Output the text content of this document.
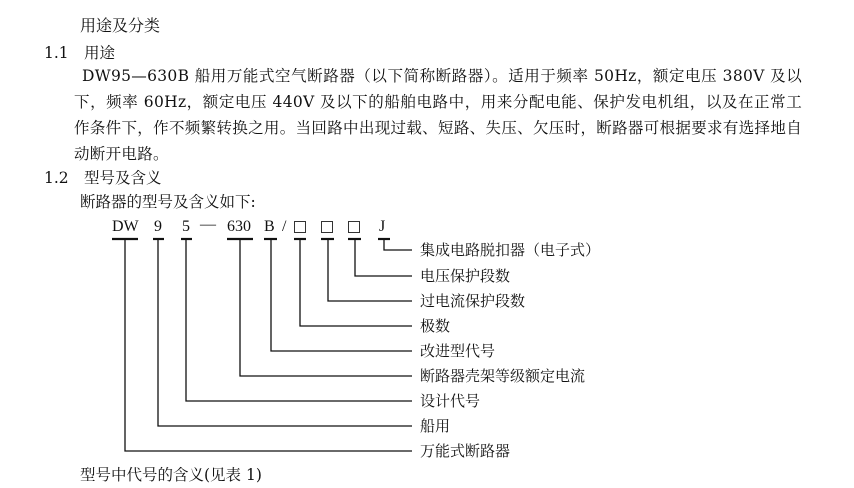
用途及分类
1.1 用途
DW95—630B 船用万能式空气断路器（以下简称断路器）。适用于频率 50Hz，额定电压 380V 及以下，频率 60Hz，额定电压 440V 及以下的船舶电路中，用来分配电能、保护发电机组，以及在正常工作条件下，作不频繁转换之用。当回路中出现过载、短路、失压、欠压时，断路器可根据要求有选择地自动断开电路。
1.2 型号及含义
断路器的型号及含义如下:
DW 9 5 — 630 B /	J
集成电路脱扣器（电子式）
电压保护段数
过电流保护段数
极数
改进型代号
断路器壳架等级额定电流
设计代号
船用
万能式断路器
型号中代号的含义(见表 1)
